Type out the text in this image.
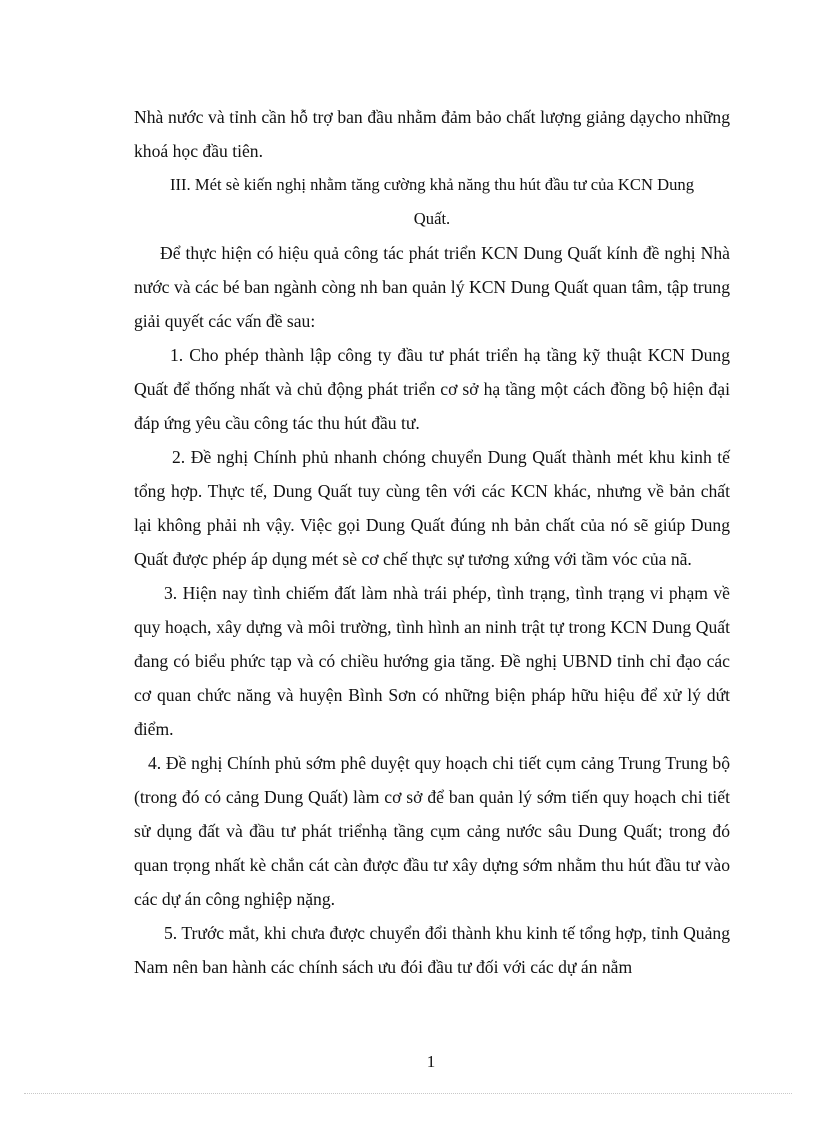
Nhà nước và tỉnh cần hỗ trợ ban đầu nhằm đảm bảo chất lượng giảng dạycho những khoá học đầu tiên.

III. Mét sè kiến nghị nhằm tăng cường khả năng thu hút đầu tư của KCN Dung

Quất.

Để thực hiện có hiệu quả công tác phát triển KCN Dung Quất kính đề nghị Nhà nước và các bé ban ngành còng nh ban quản lý KCN Dung Quất quan tâm, tập trung giải quyết các vấn đề sau:

1. Cho phép thành lập công ty đầu tư phát triển hạ tầng kỹ thuật KCN Dung Quất để thống nhất và chủ động phát triển cơ sở hạ tầng một cách đồng bộ hiện đại đáp ứng yêu cầu công tác thu hút đầu tư.

2. Đề nghị Chính phủ nhanh chóng chuyển Dung Quất thành mét khu kinh tế tổng hợp. Thực tế, Dung Quất tuy cùng tên với các KCN khác, nhưng về bản chất lại không phải nh vậy. Việc gọi Dung Quất đúng nh bản chất của nó sẽ giúp Dung Quất được phép áp dụng mét sè cơ chế thực sự tương xứng với tầm vóc của nã.

3. Hiện nay tình chiếm đất làm nhà trái phép, tình trạng, tình trạng vi phạm về quy hoạch, xây dựng và môi trường, tình hình an ninh trật tự trong KCN Dung Quất đang có biểu phức tạp và có chiều hướng gia tăng. Đề nghị UBND tỉnh chỉ đạo các cơ quan chức năng và huyện Bình Sơn có những biện pháp hữu hiệu để xử lý dứt điểm.

4. Đề nghị Chính phủ sớm phê duyệt quy hoạch chi tiết cụm cảng Trung Trung bộ (trong đó có cảng Dung Quất) làm cơ sở để ban quản lý sớm tiến quy hoạch chi tiết sử dụng đất và đầu tư phát triểnhạ tầng cụm cảng nước sâu Dung Quất; trong đó quan trọng nhất kè chắn cát càn được đầu tư xây dựng sớm nhằm thu hút đầu tư vào các dự án công nghiệp nặng.

5. Trước mắt, khi chưa được chuyển đổi thành khu kinh tế tổng hợp, tỉnh Quảng Nam nên ban hành các chính sách ưu đói đầu tư đối với các dự án nằm

1
